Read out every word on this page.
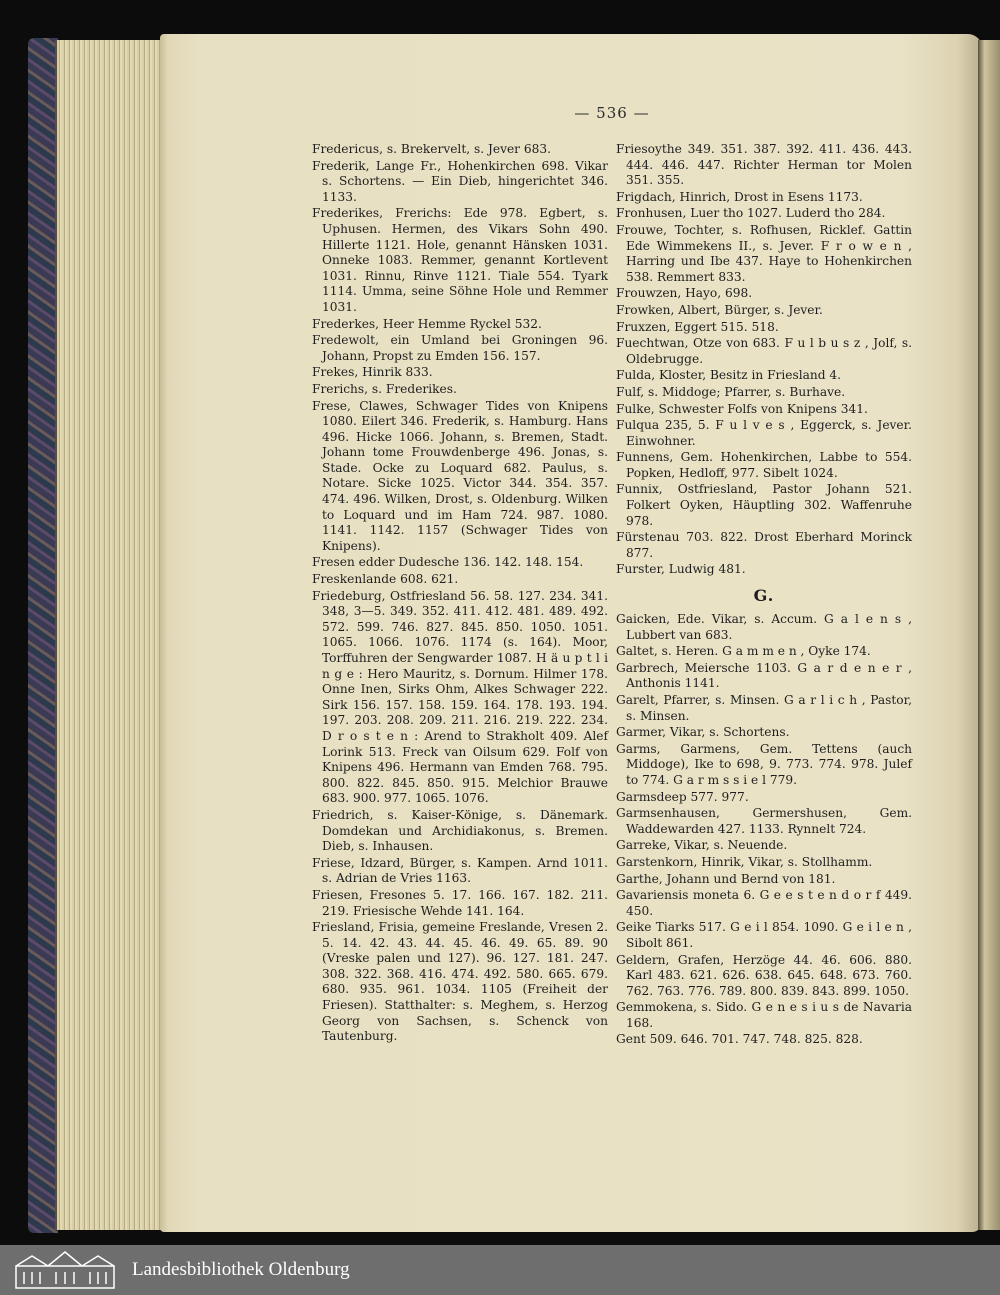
— 536 —
Fredericus, s. Brekervelt, s. Jever 683.
Frederik, Lange Fr., Hohenkirchen 698. Vikar s. Schortens. — Ein Dieb, hingerichtet 346. 1133.
Frederikes, Frerichs: Ede 978. Egbert, s. Uphusen. Hermen, des Vikars Sohn 490. Hillerte 1121. Hole, genannt Hänsken 1031. Onneke 1083. Remmer, genannt Kortlevent 1031. Rinnu, Rinve 1121. Tiale 554. Tyark 1114. Umma, seine Söhne Hole und Remmer 1031.
Frederkes, Heer Hemme Ryckel 532.
Fredewolt, ein Umland bei Groningen 96. Johann, Propst zu Emden 156. 157.
Frekes, Hinrik 833.
Frerichs, s. Frederikes.
Frese, Clawes, Schwager Tides von Knipens 1080. Eilert 346. Frederik, s. Hamburg. Hans 496. Hicke 1066. Johann, s. Bremen, Stadt. Johann tome Frouwdenberge 496. Jonas, s. Stade. Ocke zu Loquard 682. Paulus, s. Notare. Sicke 1025. Victor 344. 354. 357. 474. 496. Wilken, Drost, s. Oldenburg. Wilken to Loquard und im Ham 724. 987. 1080. 1141. 1142. 1157 (Schwager Tides von Knipens).
Fresen edder Dudesche 136. 142. 148. 154.
Freskenlande 608. 621.
Friedeburg, Ostfriesland 56. 58. 127. 234. 341. 348, 3—5. 349. 352. 411. 412. 481. 489. 492. 572. 599. 746. 827. 845. 850. 1050. 1051. 1065. 1066. 1076. 1174 (s. 164). Moor, Torffuhren der Sengwarder 1087. H ä u p t l i n g e : Hero Mauritz, s. Dornum. Hilmer 178. Onne Inen, Sirks Ohm, Alkes Schwager 222. Sirk 156. 157. 158. 159. 164. 178. 193. 194. 197. 203. 208. 209. 211. 216. 219. 222. 234. D r o s t e n : Arend to Strakholt 409. Alef Lorink 513. Freck van Oilsum 629. Folf von Knipens 496. Hermann van Emden 768. 795. 800. 822. 845. 850. 915. Melchior Brauwe 683. 900. 977. 1065. 1076.
Friedrich, s. Kaiser-Könige, s. Dänemark. Domdekan und Archidiakonus, s. Bremen. Dieb, s. Inhausen.
Friese, Idzard, Bürger, s. Kampen. Arnd 1011. s. Adrian de Vries 1163.
Friesen, Fresones 5. 17. 166. 167. 182. 211. 219. Friesische Wehde 141. 164.
Friesland, Frisia, gemeine Freslande, Vresen 2. 5. 14. 42. 43. 44. 45. 46. 49. 65. 89. 90 (Vreske palen und 127). 96. 127. 181. 247. 308. 322. 368. 416. 474. 492. 580. 665. 679. 680. 935. 961. 1034. 1105 (Freiheit der Friesen). Statthalter: s. Meghem, s. Herzog Georg von Sachsen, s. Schenck von Tautenburg.
Friesoythe 349. 351. 387. 392. 411. 436. 443. 444. 446. 447. Richter Herman tor Molen 351. 355.
Frigdach, Hinrich, Drost in Esens 1173.
Fronhusen, Luer tho 1027. Luderd tho 284.
Frouwe, Tochter, s. Rofhusen, Ricklef. Gattin Ede Wimmekens II., s. Jever. F r o w e n , Harring und Ibe 437. Haye to Hohenkirchen 538. Remmert 833.
Frouwzen, Hayo, 698.
Frowken, Albert, Bürger, s. Jever.
Fruxzen, Eggert 515. 518.
Fuechtwan, Otze von 683. F u l b u s z , Jolf, s. Oldebrugge.
Fulda, Kloster, Besitz in Friesland 4.
Fulf, s. Middoge; Pfarrer, s. Burhave.
Fulke, Schwester Folfs von Knipens 341.
Fulqua 235, 5. F u l v e s , Eggerck, s. Jever. Einwohner.
Funnens, Gem. Hohenkirchen, Labbe to 554. Popken, Hedloff, 977. Sibelt 1024.
Funnix, Ostfriesland, Pastor Johann 521. Folkert Oyken, Häuptling 302. Waffenruhe 978.
Fürstenau 703. 822. Drost Eberhard Morinck 877.
Furster, Ludwig 481.
G.
Gaicken, Ede. Vikar, s. Accum. G a l e n s , Lubbert van 683.
Galtet, s. Heren. G a m m e n , Oyke 174.
Garbrech, Meiersche 1103. G a r d e n e r , Anthonis 1141.
Garelt, Pfarrer, s. Minsen. G a r l i c h , Pastor, s. Minsen.
Garmer, Vikar, s. Schortens.
Garms, Garmens, Gem. Tettens (auch Middoge), Ike to 698, 9. 773. 774. 978. Julef to 774. G a r m s s i e l 779.
Garmsdeep 577. 977.
Garmsenhausen, Germershusen, Gem. Waddewarden 427. 1133. Rynnelt 724.
Garreke, Vikar, s. Neuende.
Garstenkorn, Hinrik, Vikar, s. Stollhamm.
Garthe, Johann und Bernd von 181.
Gavariensis moneta 6. G e e s t e n d o r f 449. 450.
Geike Tiarks 517. G e i l 854. 1090. G e i l e n , Sibolt 861.
Geldern, Grafen, Herzöge 44. 46. 606. 880. Karl 483. 621. 626. 638. 645. 648. 673. 760. 762. 763. 776. 789. 800. 839. 843. 899. 1050.
Gemmokena, s. Sido. G e n e s i u s de Navaria 168.
Gent 509. 646. 701. 747. 748. 825. 828.
Landesbibliothek Oldenburg
